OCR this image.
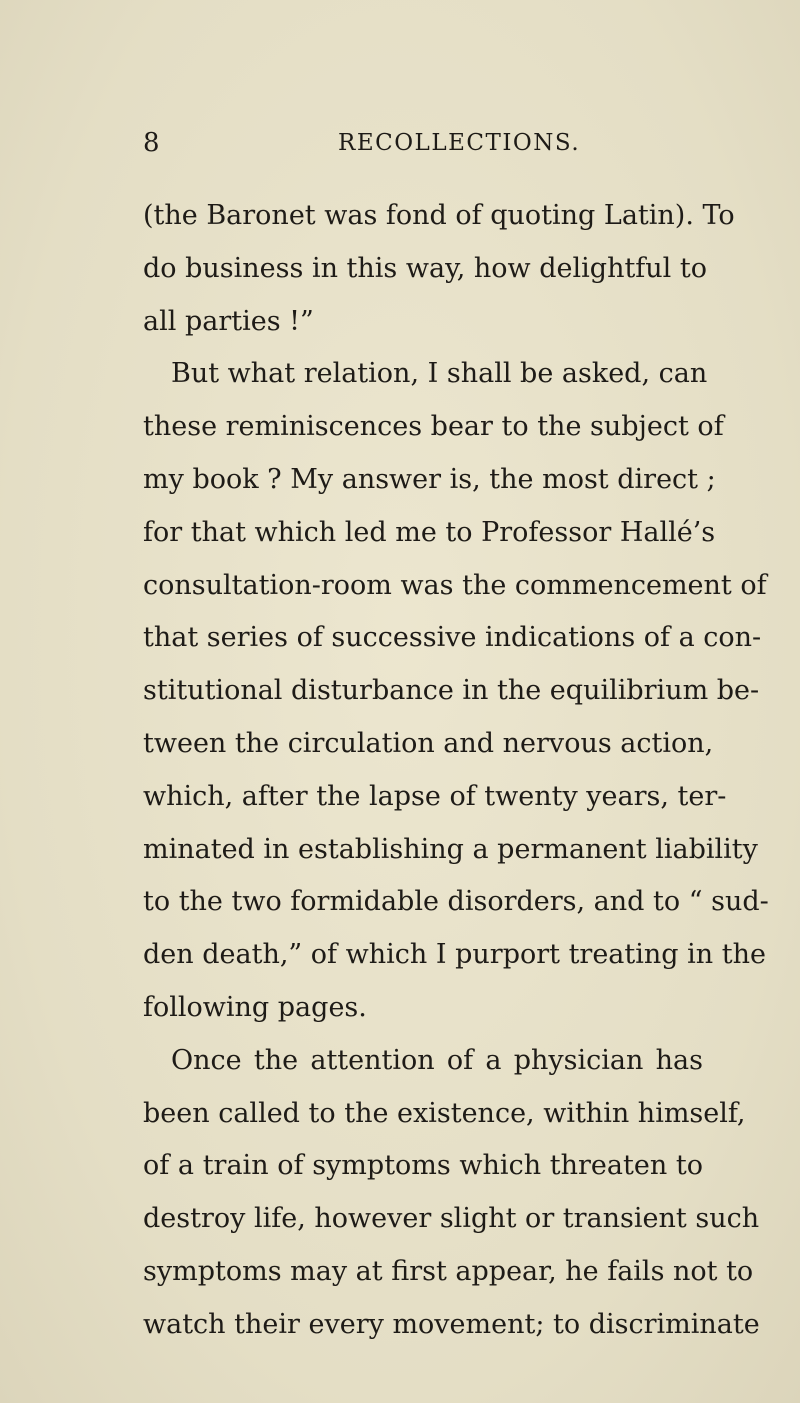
8	RECOLLECTIONS.
(the Baronet was fond of quoting Latin). To
do business in this way, how delightful to
all parties !”
But what relation, I shall be asked, can
these reminiscences bear to the subject of
my book ? My answer is, the most direct ;
for that which led me to Professor Hallé’s
consultation-room was the commencement of
that series of successive indications of a con-
stitutional disturbance in the equilibrium be-
tween the circulation and nervous action,
which, after the lapse of twenty years, ter-
minated in establishing a permanent liability
to the two formidable disorders, and to “ sud-
den death,” of which I purport treating in the
following pages.
Once the attention of a physician has
been called to the existence, within himself,
of a train of symptoms which threaten to
destroy life, however slight or transient such
symptoms may at first appear, he fails not to
watch their every movement; to discriminate
